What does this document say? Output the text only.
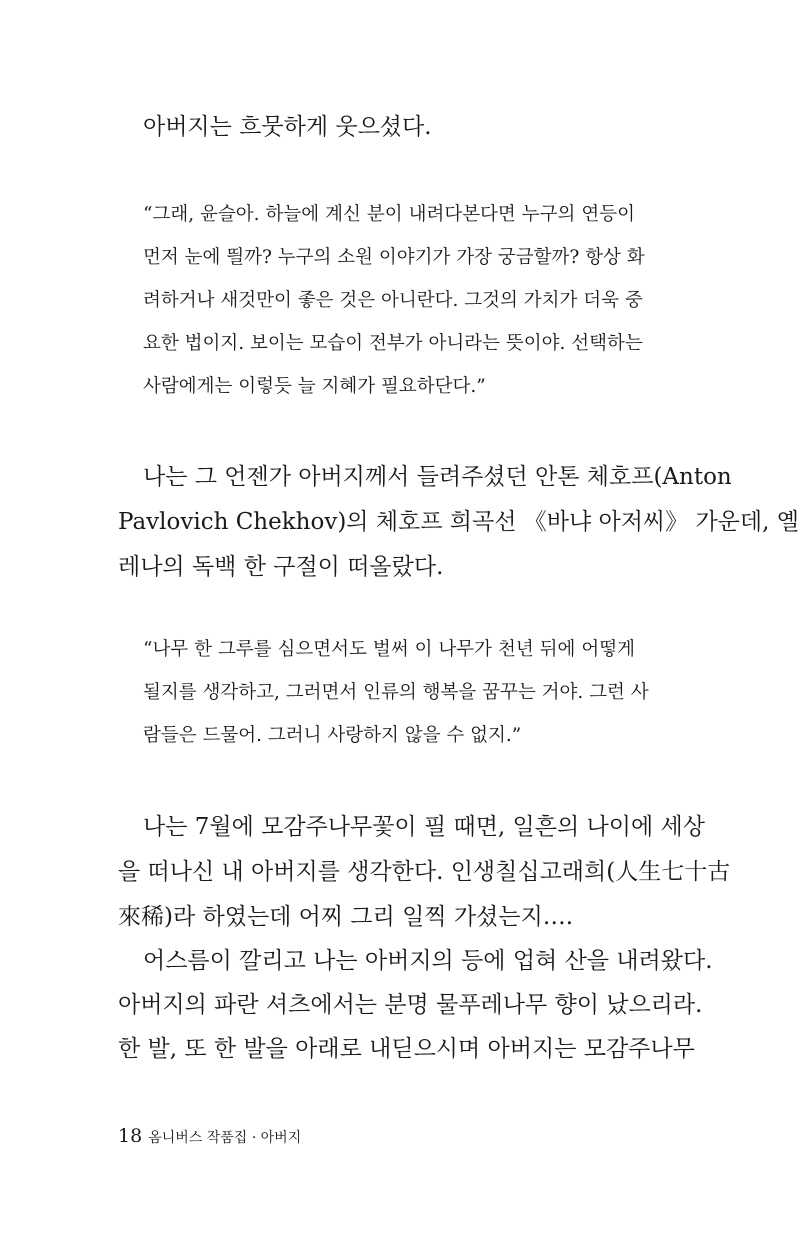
아버지는 흐뭇하게 웃으셨다.

“그래, 윤슬아. 하늘에 계신 분이 내려다본다면 누구의 연등이

먼저 눈에 띌까? 누구의 소원 이야기가 가장 궁금할까? 항상 화

려하거나 새것만이 좋은 것은 아니란다. 그것의 가치가 더욱 중

요한 법이지. 보이는 모습이 전부가 아니라는 뜻이야. 선택하는

사람에게는 이렇듯 늘 지혜가 필요하단다.”

나는 그 언젠가 아버지께서 들려주셨던 안톤 체호프(Anton

Pavlovich Chekhov)의 체호프 희곡선 《바냐 아저씨》 가운데, 옐

레나의 독백 한 구절이 떠올랐다.

“나무 한 그루를 심으면서도 벌써 이 나무가 천년 뒤에 어떻게

될지를 생각하고, 그러면서 인류의 행복을 꿈꾸는 거야. 그런 사

람들은 드물어. 그러니 사랑하지 않을 수 없지.”

나는 7월에 모감주나무꽃이 필 때면, 일흔의 나이에 세상

을 떠나신 내 아버지를 생각한다. 인생칠십고래희(人生七十古

來稀)라 하였는데 어찌 그리 일찍 가셨는지….

어스름이 깔리고 나는 아버지의 등에 업혀 산을 내려왔다.

아버지의 파란 셔츠에서는 분명 물푸레나무 향이 났으리라.

한 발, 또 한 발을 아래로 내딛으시며 아버지는 모감주나무

18 옴니버스 작품집 · 아버지
